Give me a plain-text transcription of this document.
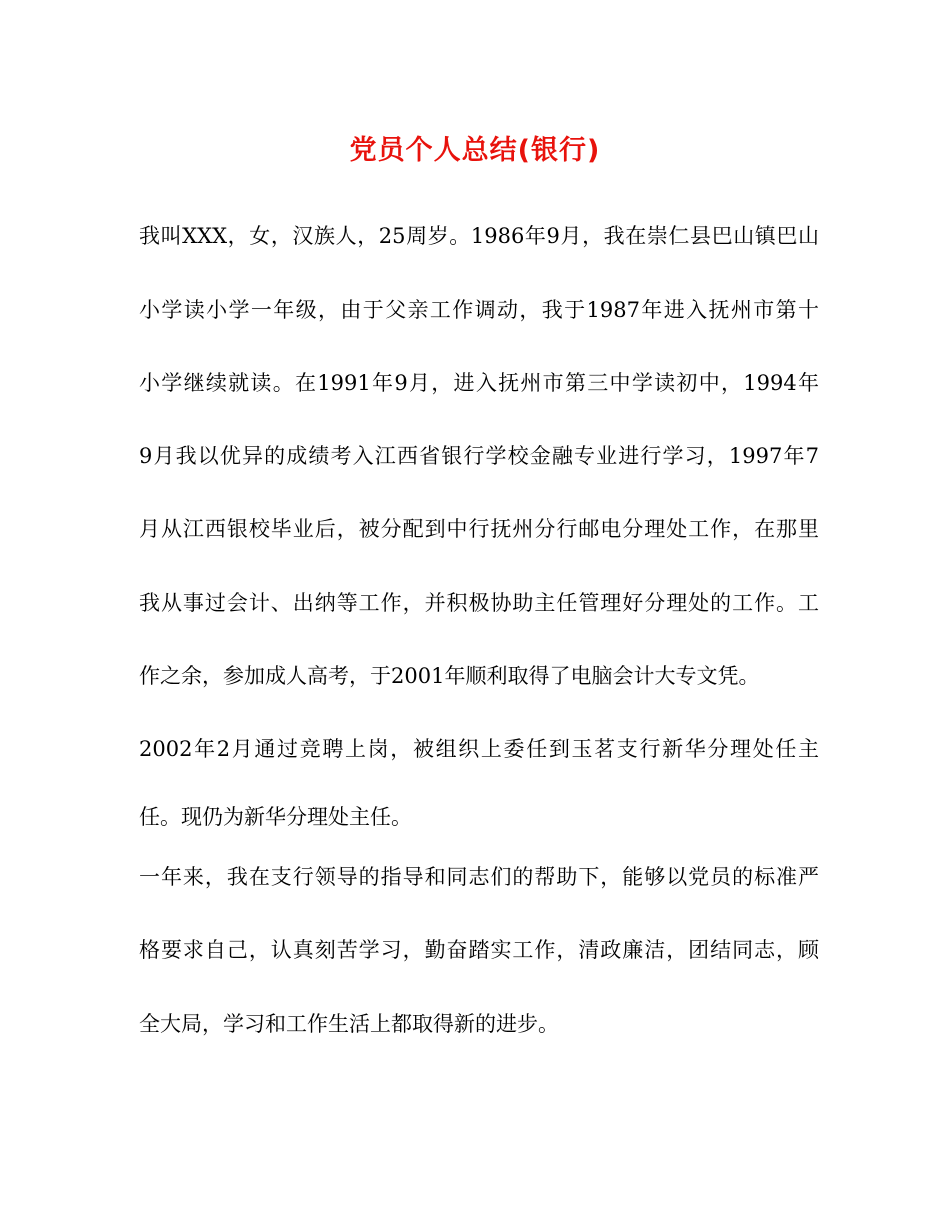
党员个人总结(银行)
我叫XXX，女，汉族人，25周岁。1986年9月，我在崇仁县巴山镇巴山
小学读小学一年级，由于父亲工作调动，我于1987年进入抚州市第十
小学继续就读。在1991年9月，进入抚州市第三中学读初中，1994年
9月我以优异的成绩考入江西省银行学校金融专业进行学习，1997年7
月从江西银校毕业后，被分配到中行抚州分行邮电分理处工作，在那里
我从事过会计、出纳等工作，并积极协助主任管理好分理处的工作。工
作之余，参加成人高考，于2001年顺利取得了电脑会计大专文凭。
2002年2月通过竞聘上岗，被组织上委任到玉茗支行新华分理处任主
任。现仍为新华分理处主任。
一年来，我在支行领导的指导和同志们的帮助下，能够以党员的标准严
格要求自己，认真刻苦学习，勤奋踏实工作，清政廉洁，团结同志，顾
全大局，学习和工作生活上都取得新的进步。
